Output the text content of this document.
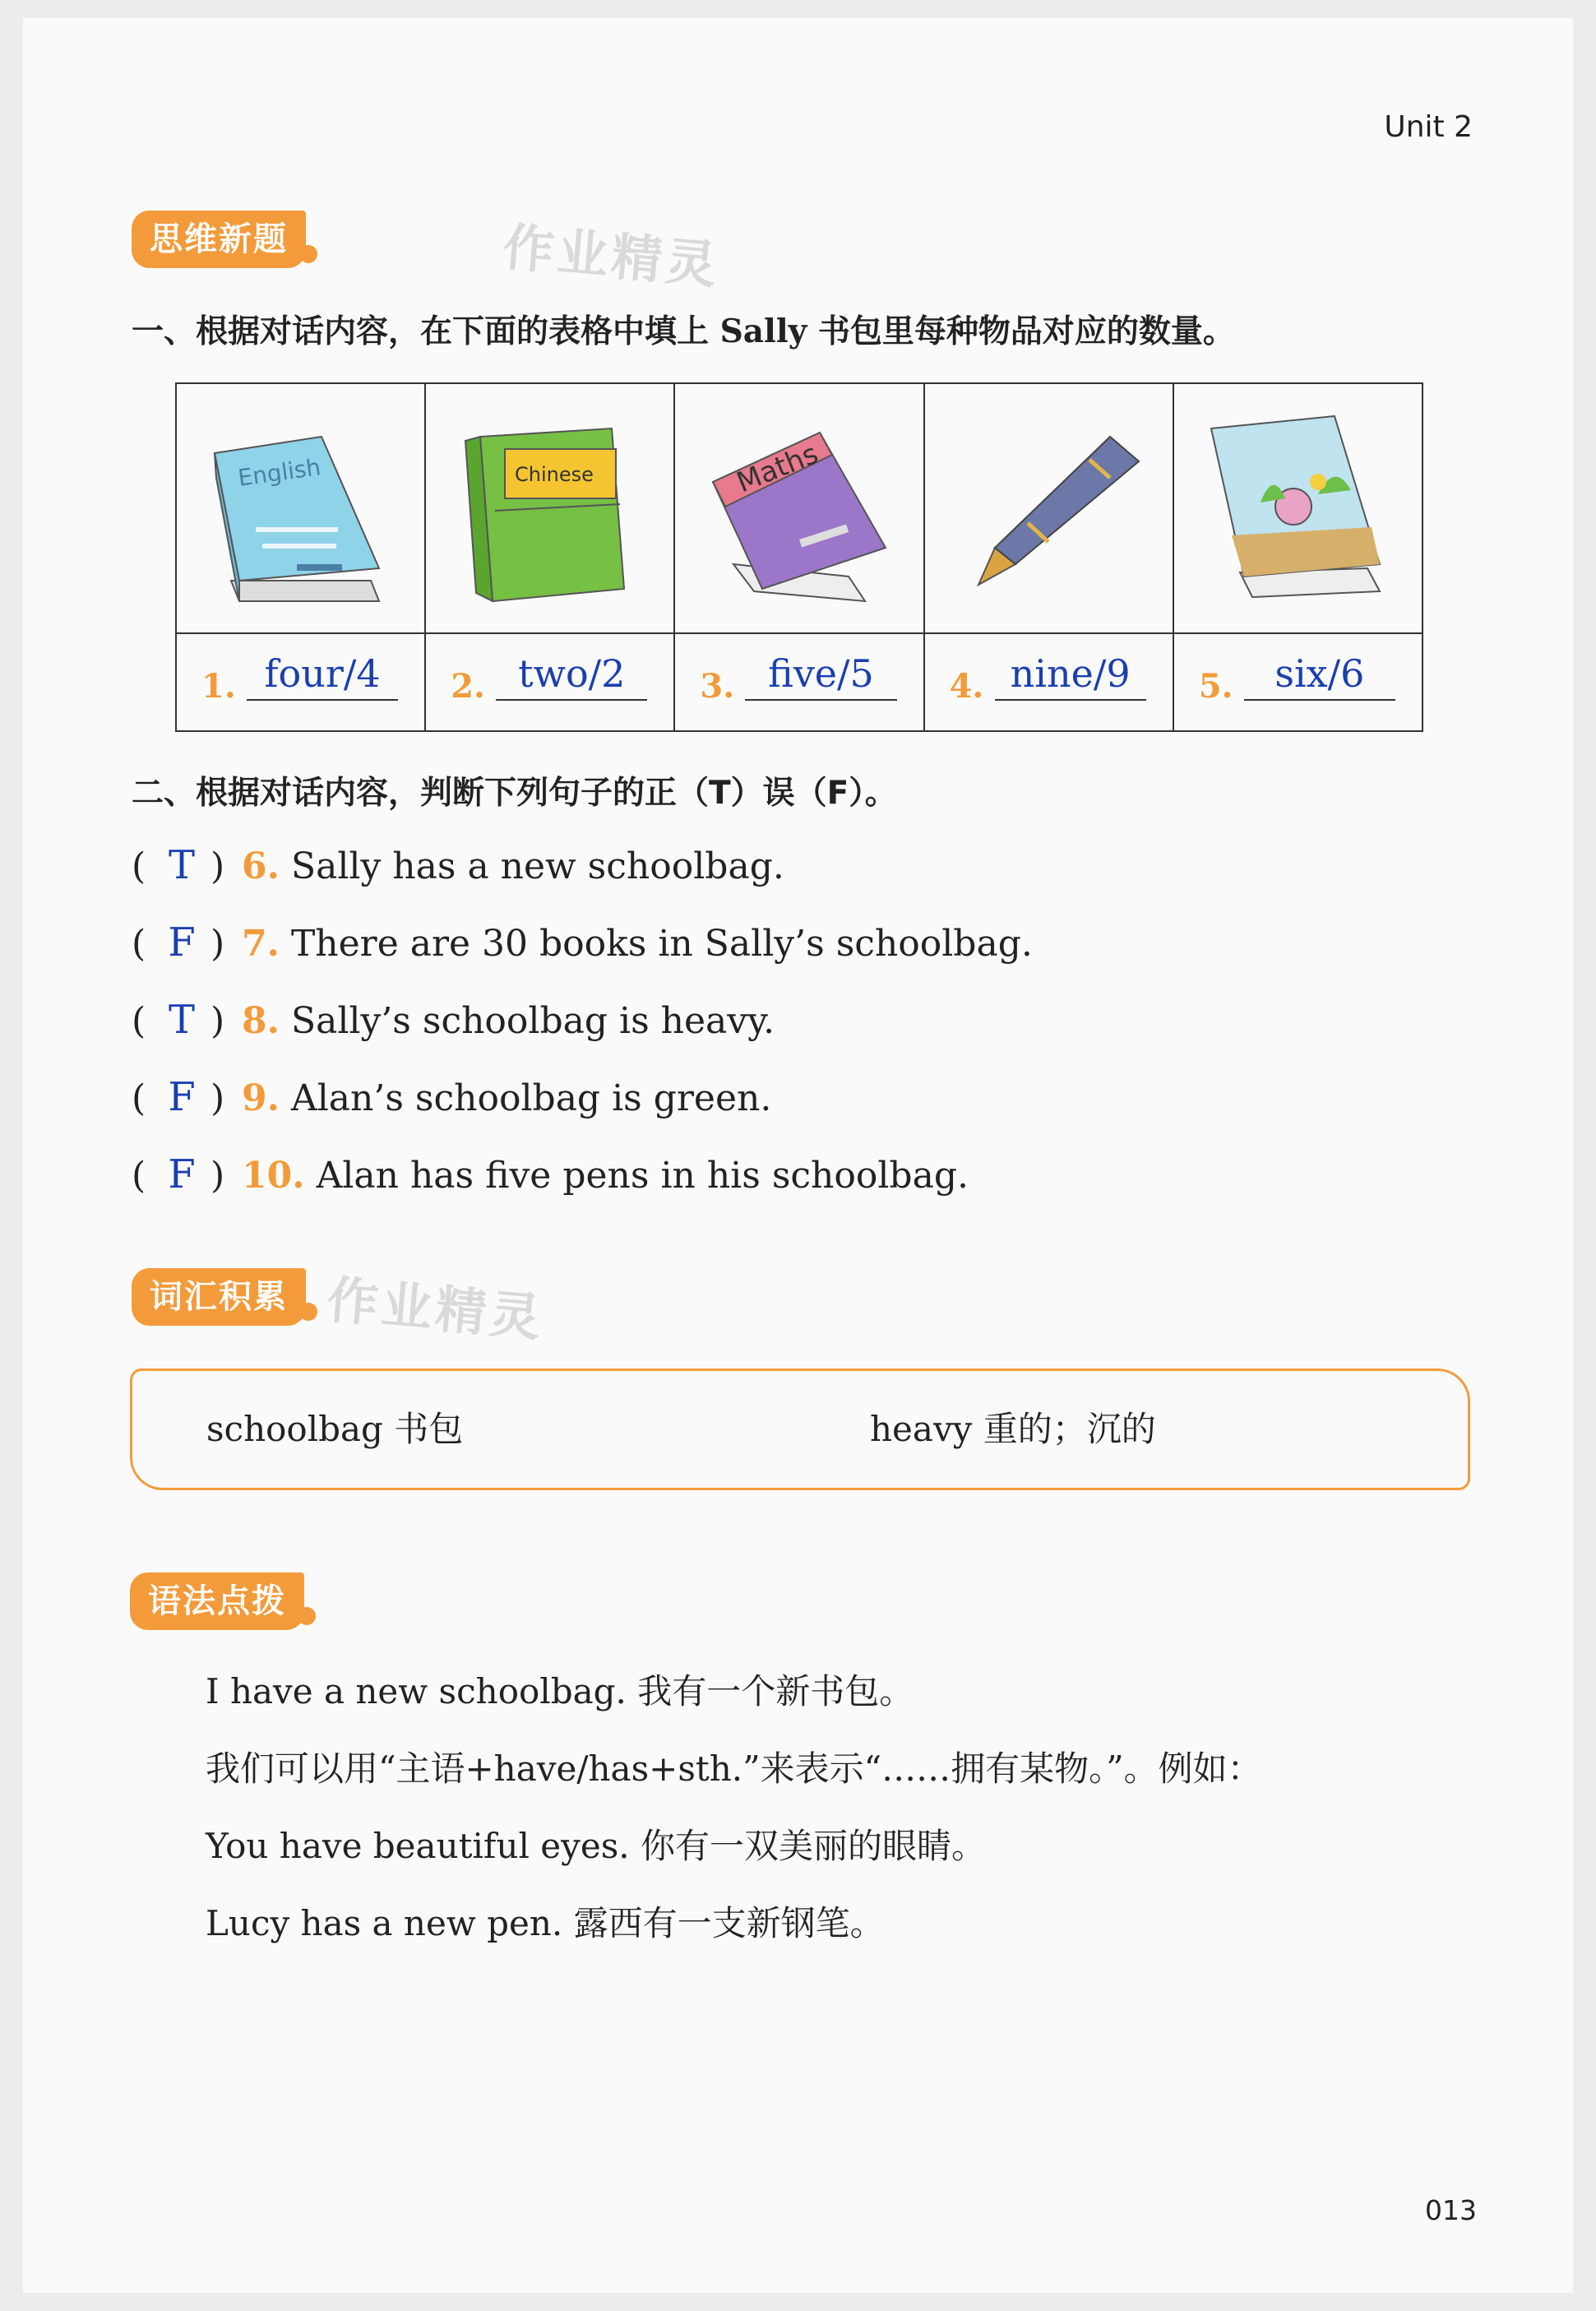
Unit 2
思维新题	作业精灵
一、根据对话内容，在下面的表格中填上 Sally 书包里每种物品对应的数量。
English	Chinese	Maths

1. four/4	2. two/2	3. five/5	4. nine/9	5. six/6
二、根据对话内容，判断下列句子的正（T）误（F）。
( T ) 6. Sally has a new schoolbag.
( F ) 7. There are 30 books in Sally’s schoolbag.
( T ) 8. Sally’s schoolbag is heavy.
( F ) 9. Alan’s schoolbag is green.
( F ) 10. Alan has five pens in his schoolbag.
词汇积累 作业精灵
schoolbag 书包	heavy 重的；沉的
语法点拨
I have a new schoolbag. 我有一个新书包。
我们可以用“主语+have/has+sth.”来表示“……拥有某物。”。例如：
You have beautiful eyes. 你有一双美丽的眼睛。
Lucy has a new pen. 露西有一支新钢笔。
013
